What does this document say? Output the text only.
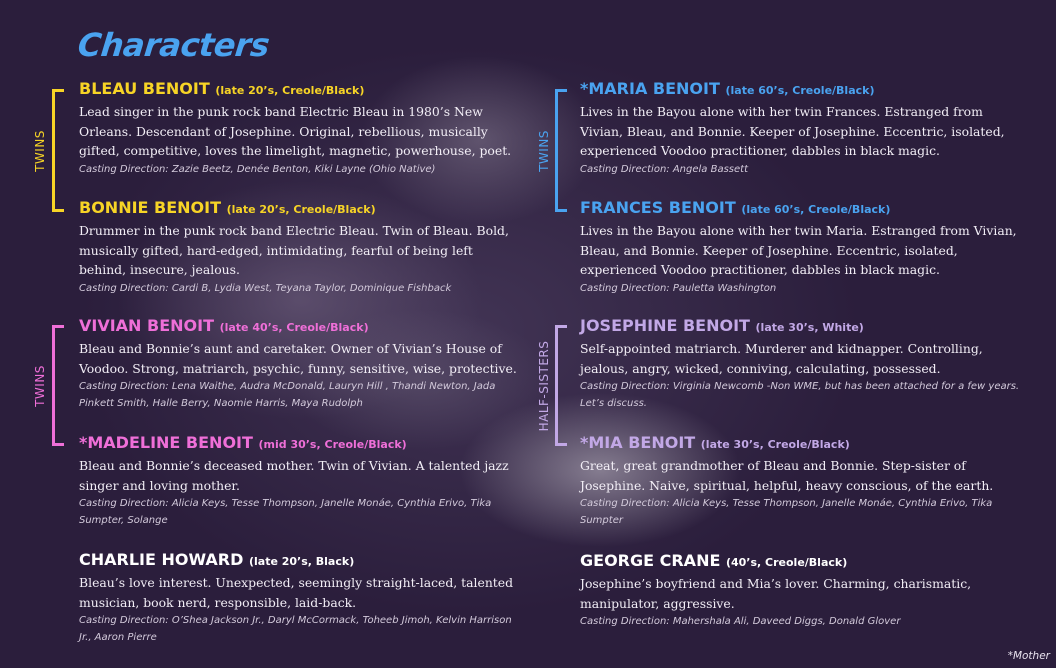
Characters
TWINS
TWINS
TWINS
HALF-SISTERS
BLEAU BENOIT (late 20’s, Creole/Black)
Lead singer in the punk rock band Electric Bleau in 1980’s New Orleans. Descendant of Josephine. Original, rebellious, musically gifted, competitive, loves the limelight, magnetic, powerhouse, poet.
Casting Direction: Zazie Beetz, Denée Benton, Kiki Layne (Ohio Native)
BONNIE BENOIT (late 20’s, Creole/Black)
Drummer in the punk rock band Electric Bleau. Twin of Bleau. Bold, musically gifted, hard-edged, intimidating, fearful of being left behind, insecure, jealous.
Casting Direction: Cardi B, Lydia West, Teyana Taylor, Dominique Fishback
VIVIAN BENOIT (late 40’s, Creole/Black)
Bleau and Bonnie’s aunt and caretaker. Owner of Vivian’s House of Voodoo. Strong, matriarch, psychic, funny, sensitive, wise, protective.
Casting Direction: Lena Waithe, Audra McDonald, Lauryn Hill , Thandi Newton, Jada Pinkett Smith, Halle Berry, Naomie Harris, Maya Rudolph
*MADELINE BENOIT (mid 30’s, Creole/Black)
Bleau and Bonnie’s deceased mother. Twin of Vivian. A talented jazz singer and loving mother.
Casting Direction: Alicia Keys, Tesse Thompson, Janelle Monáe, Cynthia Erivo, Tika Sumpter, Solange
CHARLIE HOWARD (late 20’s, Black)
Bleau’s love interest. Unexpected, seemingly straight-laced, talented musician, book nerd, responsible, laid-back.
Casting Direction: O’Shea Jackson Jr., Daryl McCormack, Toheeb Jimoh, Kelvin Harrison Jr., Aaron Pierre
*MARIA BENOIT (late 60’s, Creole/Black)
Lives in the Bayou alone with her twin Frances. Estranged from Vivian, Bleau, and Bonnie. Keeper of Josephine. Eccentric, isolated, experienced Voodoo practitioner, dabbles in black magic.
Casting Direction: Angela Bassett
FRANCES BENOIT (late 60’s, Creole/Black)
Lives in the Bayou alone with her twin Maria. Estranged from Vivian, Bleau, and Bonnie. Keeper of Josephine. Eccentric, isolated, experienced Voodoo practitioner, dabbles in black magic.
Casting Direction: Pauletta Washington
JOSEPHINE BENOIT (late 30’s, White)
Self-appointed matriarch. Murderer and kidnapper. Controlling, jealous, angry, wicked, conniving, calculating, possessed.
Casting Direction: Virginia Newcomb -Non WME, but has been attached for a few years. Let’s discuss.
*MIA BENOIT (late 30’s, Creole/Black)
Great, great grandmother of Bleau and Bonnie. Step-sister of Josephine. Naive, spiritual, helpful, heavy conscious, of the earth.
Casting Direction: Alicia Keys, Tesse Thompson, Janelle Monáe, Cynthia Erivo, Tika Sumpter
GEORGE CRANE (40’s, Creole/Black)
Josephine’s boyfriend and Mia’s lover. Charming, charismatic, manipulator, aggressive.
Casting Direction: Mahershala Ali, Daveed Diggs, Donald Glover
*Mother
